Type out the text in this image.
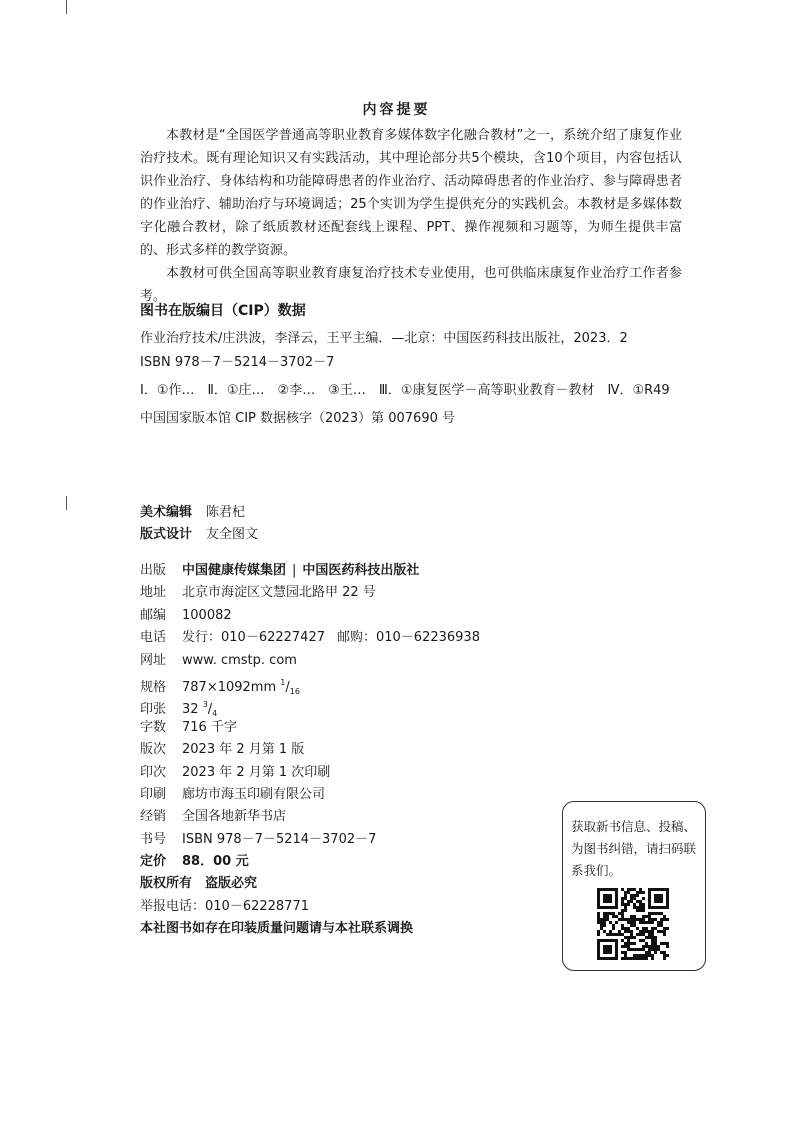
内容提要

本教材是“全国医学普通高等职业教育多媒体数字化融合教材”之一，系统介绍了康复作业治疗技术。既有理论知识又有实践活动，其中理论部分共5个模块，含10个项目，内容包括认识作业治疗、身体结构和功能障碍患者的作业治疗、活动障碍患者的作业治疗、参与障碍患者的作业治疗、辅助治疗与环境调适；25个实训为学生提供充分的实践机会。本教材是多媒体数字化融合教材，除了纸质教材还配套线上课程、PPT、操作视频和习题等，为师生提供丰富的、形式多样的教学资源。

本教材可供全国高等职业教育康复治疗技术专业使用，也可供临床康复作业治疗工作者参考。

图书在版编目（CIP）数据
作业治疗技术/庄洪波，李泽云，王平主编．—北京：中国医药科技出版社，2023．2
ISBN 978－7－5214－3702－7
Ⅰ．①作…　Ⅱ．①庄…　②李…　③王…　Ⅲ．①康复医学－高等职业教育－教材　Ⅳ．①R49
中国国家版本馆 CIP 数据核字（2023）第 007690 号
美术编辑 陈君杞
版式设计 友全图文
出版 中国健康传媒集团 | 中国医药科技出版社
地址 北京市海淀区文慧园北路甲 22 号
邮编 100082
电话 发行：010－62227427 邮购：010－62236938
网址 www. cmstp. com
规格 787×1092mm $^1/_{16}$
印张 32 $^3/_4$
字数 716 千字
版次 2023 年 2 月第 1 版
印次 2023 年 2 月第 1 次印刷
印刷 廊坊市海玉印刷有限公司
经销 全国各地新华书店
书号 ISBN 978－7－5214－3702－7
定价 88．00 元
版权所有　盗版必究
举报电话：010－62228771
本社图书如存在印装质量问题请与本社联系调换
获取新书信息、投稿、为图书纠错，请扫码联系我们。
